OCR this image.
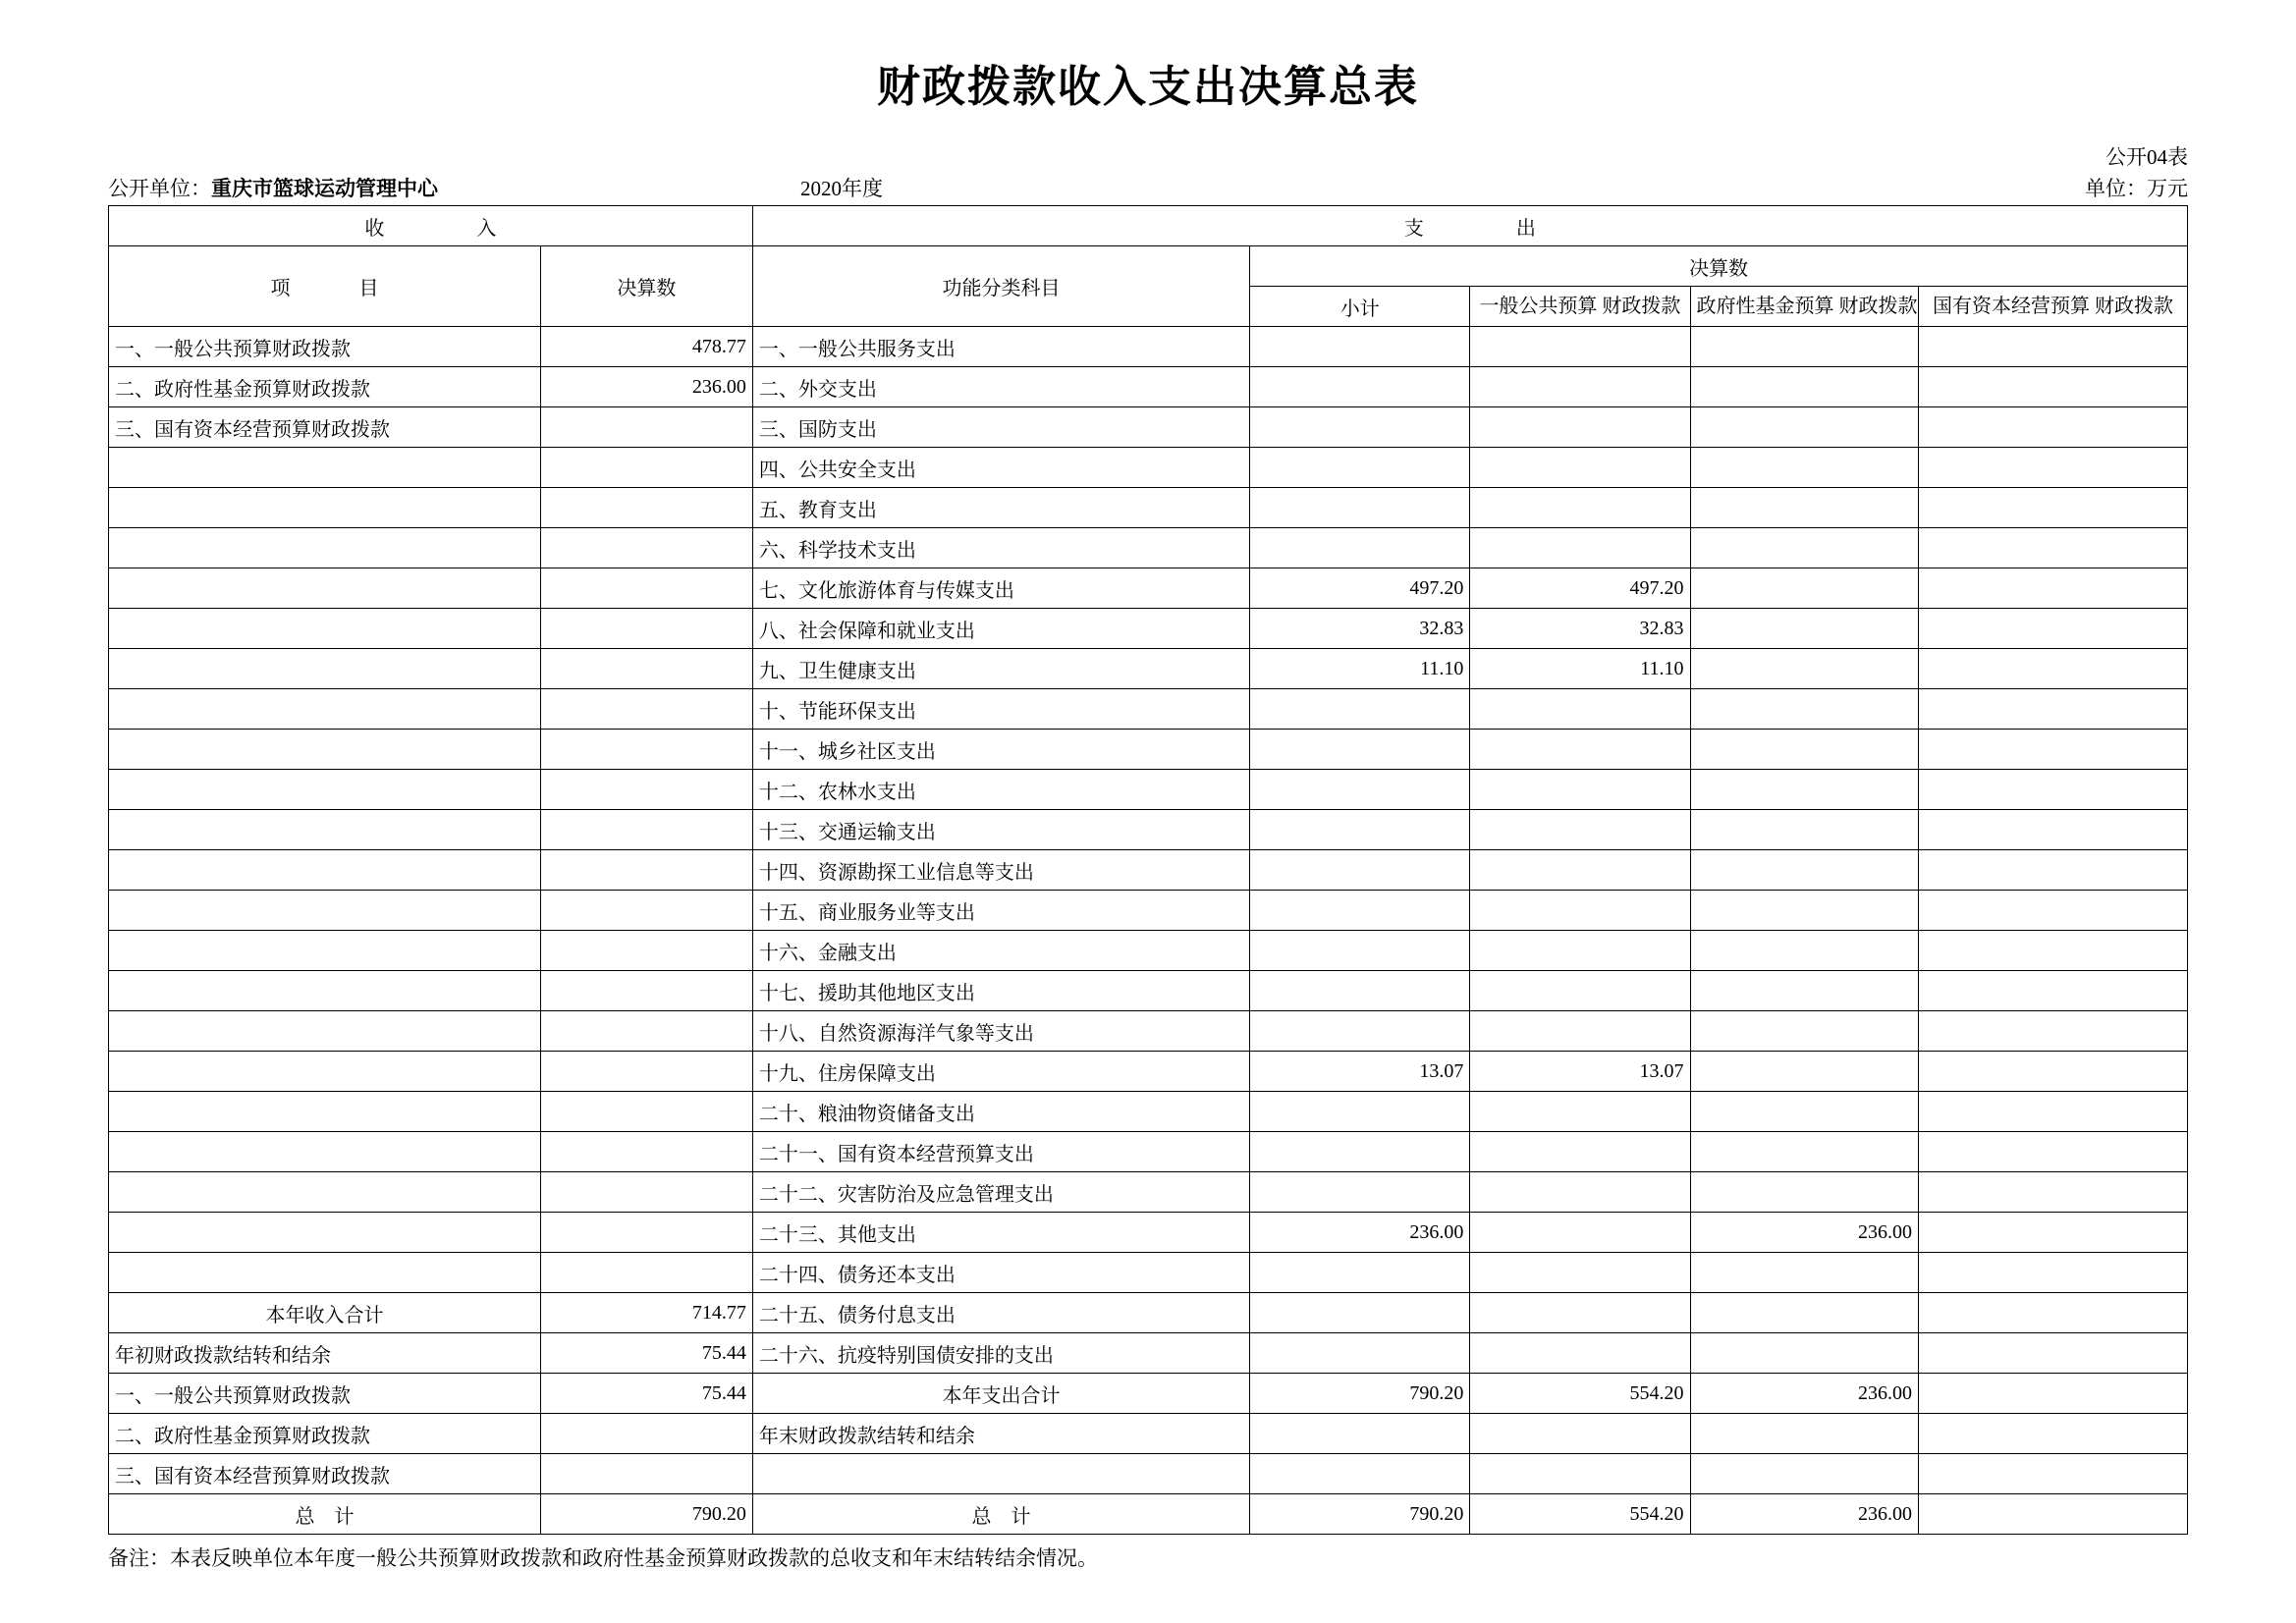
财政拨款收入支出决算总表
公开04表
公开单位：重庆市篮球运动管理中心	2020年度	单位：万元
收　　入		支　　出				
项　　目	决算数	功能分类科目	决算数			
			小计	一般公共预算 财政拨款	政府性基金预算 财政拨款	国有资本经营预算 财政拨款
一、一般公共预算财政拨款	478.77	一、一般公共服务支出				
二、政府性基金预算财政拨款	236.00	二、外交支出				
三、国有资本经营预算财政拨款		三、国防支出				
		四、公共安全支出				
		五、教育支出				
		六、科学技术支出				
		七、文化旅游体育与传媒支出	497.20	497.20		
		八、社会保障和就业支出	32.83	32.83		
		九、卫生健康支出	11.10	11.10		
		十、节能环保支出				
		十一、城乡社区支出				
		十二、农林水支出				
		十三、交通运输支出				
		十四、资源勘探工业信息等支出				
		十五、商业服务业等支出				
		十六、金融支出				
		十七、援助其他地区支出				
		十八、自然资源海洋气象等支出				
		十九、住房保障支出	13.07	13.07		
		二十、粮油物资储备支出				
		二十一、国有资本经营预算支出				
		二十二、灾害防治及应急管理支出				
		二十三、其他支出	236.00		236.00	
		二十四、债务还本支出				
本年收入合计	714.77	二十五、债务付息支出				
年初财政拨款结转和结余	75.44	二十六、抗疫特别国债安排的支出				
一、一般公共预算财政拨款	75.44	本年支出合计	790.20	554.20	236.00	
二、政府性基金预算财政拨款		年末财政拨款结转和结余				
三、国有资本经营预算财政拨款						
总　计	790.20	总　计	790.20	554.20	236.00	
备注：本表反映单位本年度一般公共预算财政拨款和政府性基金预算财政拨款的总收支和年末结转结余情况。
